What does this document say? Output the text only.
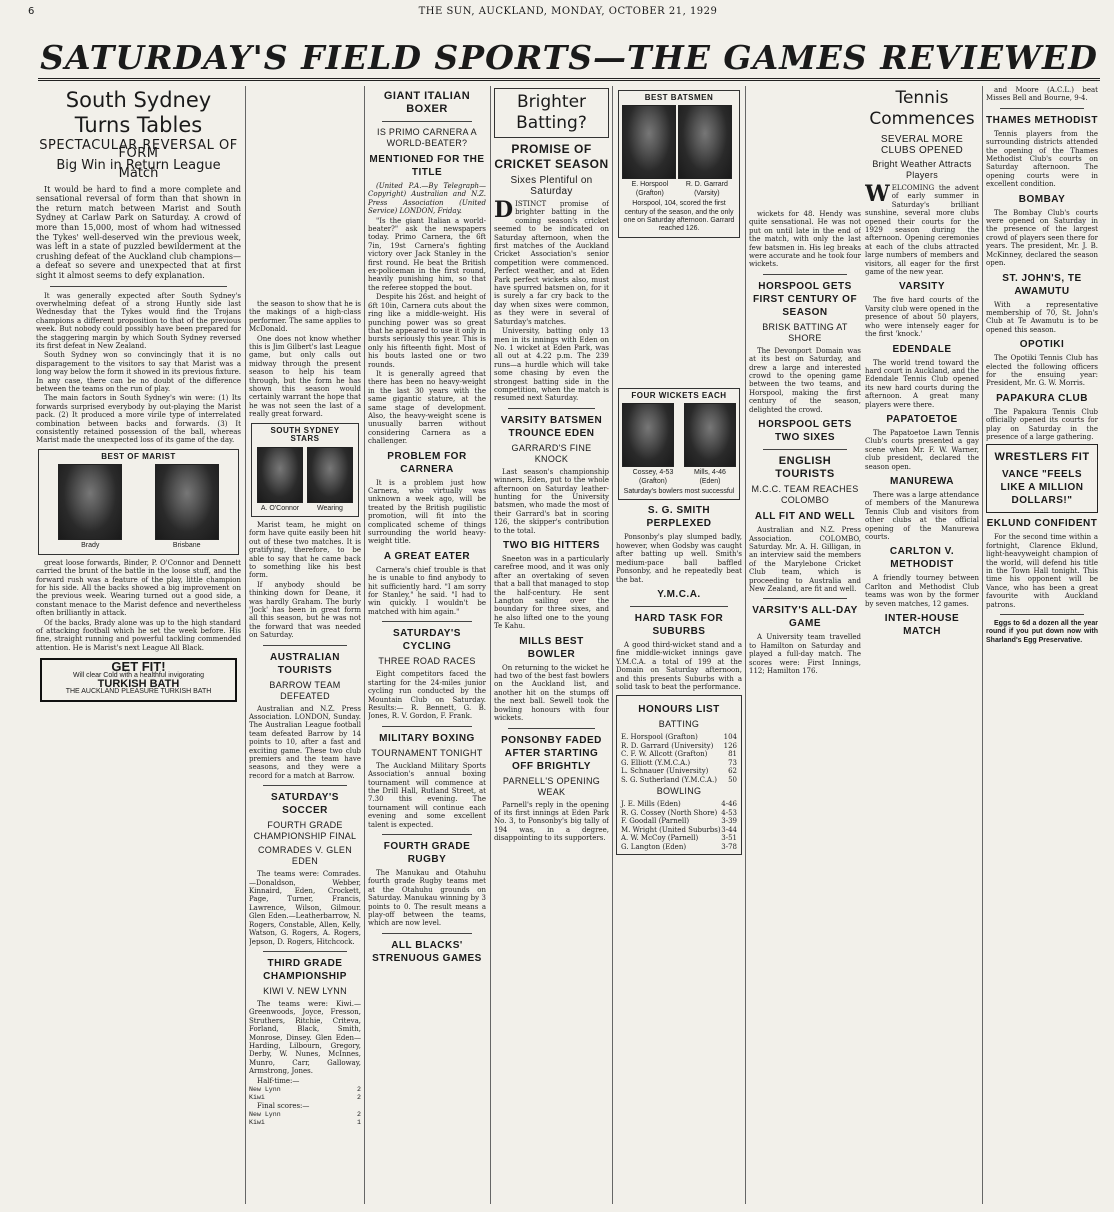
6	THE SUN, AUCKLAND, MONDAY, OCTOBER 21, 1929
SATURDAY'S FIELD SPORTS—THE GAMES REVIEWED
South Sydney Turns Tables
SPECTACULAR REVERSAL OF FORM
Big Win in Return League Match
It would be hard to find a more complete and sensational reversal of form than that shown in the return match between Marist and South Sydney at Carlaw Park on Saturday. A crowd of more than 15,000, most of whom had witnessed the Tykes' well-deserved win the previous week, was left in a state of puzzled bewilderment at the crushing defeat of the Auckland club champions—a defeat so severe and unexpected that at first sight it almost seems to defy explanation.
It was generally expected after South Sydney's overwhelming defeat of a strong Huntly side last Wednesday that the Tykes would find the Trojans champions a different proposition to that of the previous week. But nobody could possibly have been prepared for the staggering margin by which South Sydney reversed its first defeat in New Zealand.
South Sydney won so convincingly that it is no disparagement to the visitors to say that Marist was a long way below the form it showed in its previous fixture. In any case, there can be no doubt of the difference between the teams on the run of play.
The main factors in South Sydney's win were: (1) Its forwards surprised everybody by out-playing the Marist pack. (2) It produced a more virile type of interrelated combination between backs and forwards. (3) It consistently retained possession of the ball, whereas Marist made the unexpected loss of its game of the day.
BEST OF MARIST
Brady	Brisbane
great loose forwards, Binder, P. O'Connor and Dennett carried the brunt of the battle in the loose stuff, and the forward rush was a feature of the play, little champion for his side. All the backs showed a big improvement on the previous week. Wearing turned out a good side, a constant menace to the Marist defence and nevertheless often brilliantly in attack.
Of the backs, Brady alone was up to the high standard of attacking football which he set the week before. His fine, straight running and powerful tackling commended attention. He is Marist's next League All Black.
GET FIT!
Will clear Cold with a healthful invigorating
TURKISH BATH
THE AUCKLAND PLEASURE TURKISH BATH
the season to show that he is the makings of a high-class performer. The same applies to McDonald.
One does not know whether this is Jim Gilbert's last League game, but only calls out midway through the present season to help his team through, but the form he has shown this season would certainly warrant the hope that he was not seen the last of a really great forward.
SOUTH SYDNEY STARS
A. O'Connor	Wearing
Marist team, he might on form have quite easily been hit out of these two matches. It is gratifying, therefore, to be able to say that he came back to something like his best form.
If anybody should be thinking down for Deane, it was hardly Graham. The burly 'Jock' has been in great form all this season, but he was not the forward that was needed on Saturday.
AUSTRALIAN TOURISTS
BARROW TEAM DEFEATED
Australian and N.Z. Press Association. LONDON, Sunday. The Australian League football team defeated Barrow by 14 points to 10, after a fast and exciting game. These two club premiers and the team have seasons, and they were a record for a match at Barrow.
SATURDAY'S SOCCER
FOURTH GRADE CHAMPIONSHIP FINAL
COMRADES V. GLEN EDEN
The teams were: Comrades.—Donaldson, Webber, Kinnaird, Eden, Crockett, Page, Turner, Francis, Lawrence, Wilson, Gilmour. Glen Eden.—Leatherbarrow, N. Rogers, Constable, Allen, Kelly, Watson, G. Rogers, A. Rogers, Jepson, D. Rogers, Hitchcock.
THIRD GRADE CHAMPIONSHIP
KIWI V. NEW LYNN
The teams were: Kiwi.—Greenwoods, Joyce, Fresson, Struthers, Ritchie, Criteva, Forland, Black, Smith, Monrose, Dinsey. Glen Eden—Harding, Lilbourn, Gregory, Derby, W. Nunes, McInnes, Munro, Carr, Galloway, Armstrong, Jones.
Half-time:—
New Lynn	2
Kiwi	2
Final scores:—
New Lynn	2
Kiwi	1
GIANT ITALIAN BOXER
IS PRIMO CARNERA A WORLD-BEATER?
MENTIONED FOR THE TITLE
(United P.A.—By Telegraph—Copyright) Australian and N.Z. Press Association (United Service) LONDON, Friday.
"Is the giant Italian a world-beater?" ask the newspapers today. Primo Carnera, the 6ft 7in, 19st Carnera's fighting victory over Jack Stanley in the first round. He beat the British ex-policeman in the first round, heavily punishing him, so that the referee stopped the bout.
Despite his 26st. and height of 6ft 10in, Carnera cuts about the ring like a middle-weight. His punching power was so great that he appeared to use it only in bursts seriously this year. This is only his fifteenth fight. Most of his bouts lasted one or two rounds.
It is generally agreed that there has been no heavy-weight in the last 30 years with the same gigantic stature, at the same stage of development. Also, the heavy-weight scene is unusually barren without considering Carnera as a challenger.
PROBLEM FOR CARNERA
It is a problem just how Carnera, who virtually was unknown a week ago, will be treated by the British pugilistic promotion, will fit into the complicated scheme of things surrounding the world heavy-weight title.
A GREAT EATER
Carnera's chief trouble is that he is unable to find anybody to hit sufficiently hard. "I am sorry for Stanley," he said. "I had to win quickly. I wouldn't be matched with him again."
SATURDAY'S CYCLING
THREE ROAD RACES
Eight competitors faced the starting for the 24-miles junior cycling run conducted by the Mountain Club on Saturday. Results:— R. Bennett, G. B. Jones, R. V. Gordon, F. Frank.
MILITARY BOXING
TOURNAMENT TONIGHT
The Auckland Military Sports Association's annual boxing tournament will commence at the Drill Hall, Rutland Street, at 7.30 this evening. The tournament will continue each evening and some excellent talent is expected.
FOURTH GRADE RUGBY
The Manukau and Otahuhu fourth grade Rugby teams met at the Otahuhu grounds on Saturday. Manukau winning by 3 points to 0. The result means a play-off between the teams, which are now level.
ALL BLACKS' STRENUOUS GAMES
Brighter Batting?
PROMISE OF CRICKET SEASON
Sixes Plentiful on Saturday
DISTINCT promise of brighter batting in the coming season's cricket seemed to be indicated on Saturday afternoon, when the first matches of the Auckland Cricket Association's senior competition were commenced. Perfect weather, and at Eden Park perfect wickets also, must have spurred batsmen on, for it is surely a far cry back to the day when sixes were common, as they were in several of Saturday's matches.
University, batting only 13 men in its innings with Eden on No. 1 wicket at Eden Park, was all out at 4.22 p.m. The 239 runs—a hurdle which will take some chasing by even the strongest batting side in the competition, when the match is resumed next Saturday.
VARSITY BATSMEN TROUNCE EDEN
GARRARD'S FINE KNOCK
Last season's championship winners, Eden, put to the whole afternoon on Saturday leather-hunting for the University batsmen, who made the most of their Garrard's bat in scoring 126, the skipper's contribution to the total.
TWO BIG HITTERS
Sneeton was in a particularly carefree mood, and it was only after an overtaking of seven that a ball that managed to stop the half-century. He sent Langton sailing over the boundary for three sixes, and he also lifted one to the young Te Kahu.
MILLS BEST BOWLER
On returning to the wicket he had two of the best fast bowlers on the Auckland list, and another hit on the stumps off the next ball. Sewell took the bowling honours with four wickets.
PONSONBY FADED AFTER STARTING OFF BRIGHTLY
PARNELL'S OPENING WEAK
Parnell's reply in the opening of its first innings at Eden Park No. 3, to Ponsonby's big tally of 194 was, in a degree, disappointing to its supporters.
BEST BATSMEN
E. Horspool (Grafton)
R. D. Garrard (Varsity)
Horspool, 104, scored the first century of the season, and the only one on Saturday afternoon. Garrard reached 126.
FOUR WICKETS EACH
Cossey, 4-53 (Grafton)
Mills, 4-46 (Eden)
Saturday's bowlers most successful
S. G. SMITH PERPLEXED
Ponsonby's play slumped badly, however, when Godsby was caught after batting up well. Smith's medium-pace ball baffled Ponsonby, and he repeatedly beat the bat.
Y.M.C.A.
HARD TASK FOR SUBURBS
A good third-wicket stand and a fine middle-wicket innings gave Y.M.C.A. a total of 199 at the Domain on Saturday afternoon, and this presents Suburbs with a solid task to beat the performance.
HONOURS LIST
BATTING
E. Horspool (Grafton)	104
R. D. Garrard (University) 126
C. F. W. Allcott (Grafton)	81
G. Elliott (Y.M.C.A.)	73
L. Schnauer (University)	62
S. G. Sutherland (Y.M.C.A.) 50
BOWLING
J. E. Mills (Eden)	4-46
R. G. Cossey (North Shore) 4-53
F. Goodall (Parnell)	3-39
M. Wright (United Suburbs) 3-44
A. W. McCoy (Parnell)	3-51
G. Langton (Eden)	3-78
wickets for 48. Hendy was quite sensational. He was not put on until late in the end of the match, with only the last few batsmen in. His leg breaks were accurate and he took four wickets.
HORSPOOL GETS FIRST CENTURY OF SEASON
BRISK BATTING AT SHORE
The Devonport Domain was at its best on Saturday, and drew a large and interested crowd to the opening game between the two teams, and Horspool, making the first century of the season, delighted the crowd.
HORSPOOL GETS TWO SIXES
ENGLISH TOURISTS
M.C.C. TEAM REACHES COLOMBO
ALL FIT AND WELL
Australian and N.Z. Press Association. COLOMBO, Saturday. Mr. A. H. Gilligan, in an interview said the members of the Marylebone Cricket Club team, which is proceeding to Australia and New Zealand, are fit and well.
VARSITY'S ALL-DAY GAME
A University team travelled to Hamilton on Saturday and played a full-day match. The scores were: First Innings, 112; Hamilton 176.
Tennis Commences
SEVERAL MORE CLUBS OPENED
Bright Weather Attracts Players
WELCOMING the advent of early summer in Saturday's brilliant sunshine, several more clubs opened their courts for the 1929 season during the afternoon. Opening ceremonies at each of the clubs attracted large numbers of members and visitors, all eager for the first game of the new year.
VARSITY
The five hard courts of the Varsity club were opened in the presence of about 50 players, who were intensely eager for the first 'knock.'
EDENDALE
The world trend toward the hard court in Auckland, and the Edendale Tennis Club opened its new hard courts during the afternoon. A great many players were there.
PAPATOETOE
The Papatoetoe Lawn Tennis Club's courts presented a gay scene when Mr. F. W. Warner, club president, declared the season open.
MANUREWA
There was a large attendance of members of the Manurewa Tennis Club and visitors from other clubs at the official opening of the Manurewa courts.
CARLTON V. METHODIST
A friendly tourney between Carlton and Methodist Club teams was won by the former by seven matches, 12 games.
INTER-HOUSE MATCH
and Moore (A.C.L.) beat Misses Bell and Bourne, 9-4.
THAMES METHODIST
Tennis players from the surrounding districts attended the opening of the Thames Methodist Club's courts on Saturday afternoon. The opening courts were in excellent condition.
BOMBAY
The Bombay Club's courts were opened on Saturday in the presence of the largest crowd of players seen there for years. The president, Mr. J. B. McKinney, declared the season open.
ST. JOHN'S, TE AWAMUTU
With a representative membership of 70, St. John's Club at Te Awamutu is to be opened this season.
OPOTIKI
The Opotiki Tennis Club has elected the following officers for the ensuing year: President, Mr. G. W. Morris.
PAPAKURA CLUB
The Papakura Tennis Club officially opened its courts for play on Saturday in the presence of a large gathering.
WRESTLERS FIT
VANCE "FEELS LIKE A MILLION DOLLARS!"
EKLUND CONFIDENT
For the second time within a fortnight, Clarence Eklund, light-heavyweight champion of the world, will defend his title in the Town Hall tonight. This time his opponent will be Vance, who has been a great favourite with Auckland patrons.
Eggs to 6d a dozen all the year round if you put down now with Sharland's Egg Preservative.
